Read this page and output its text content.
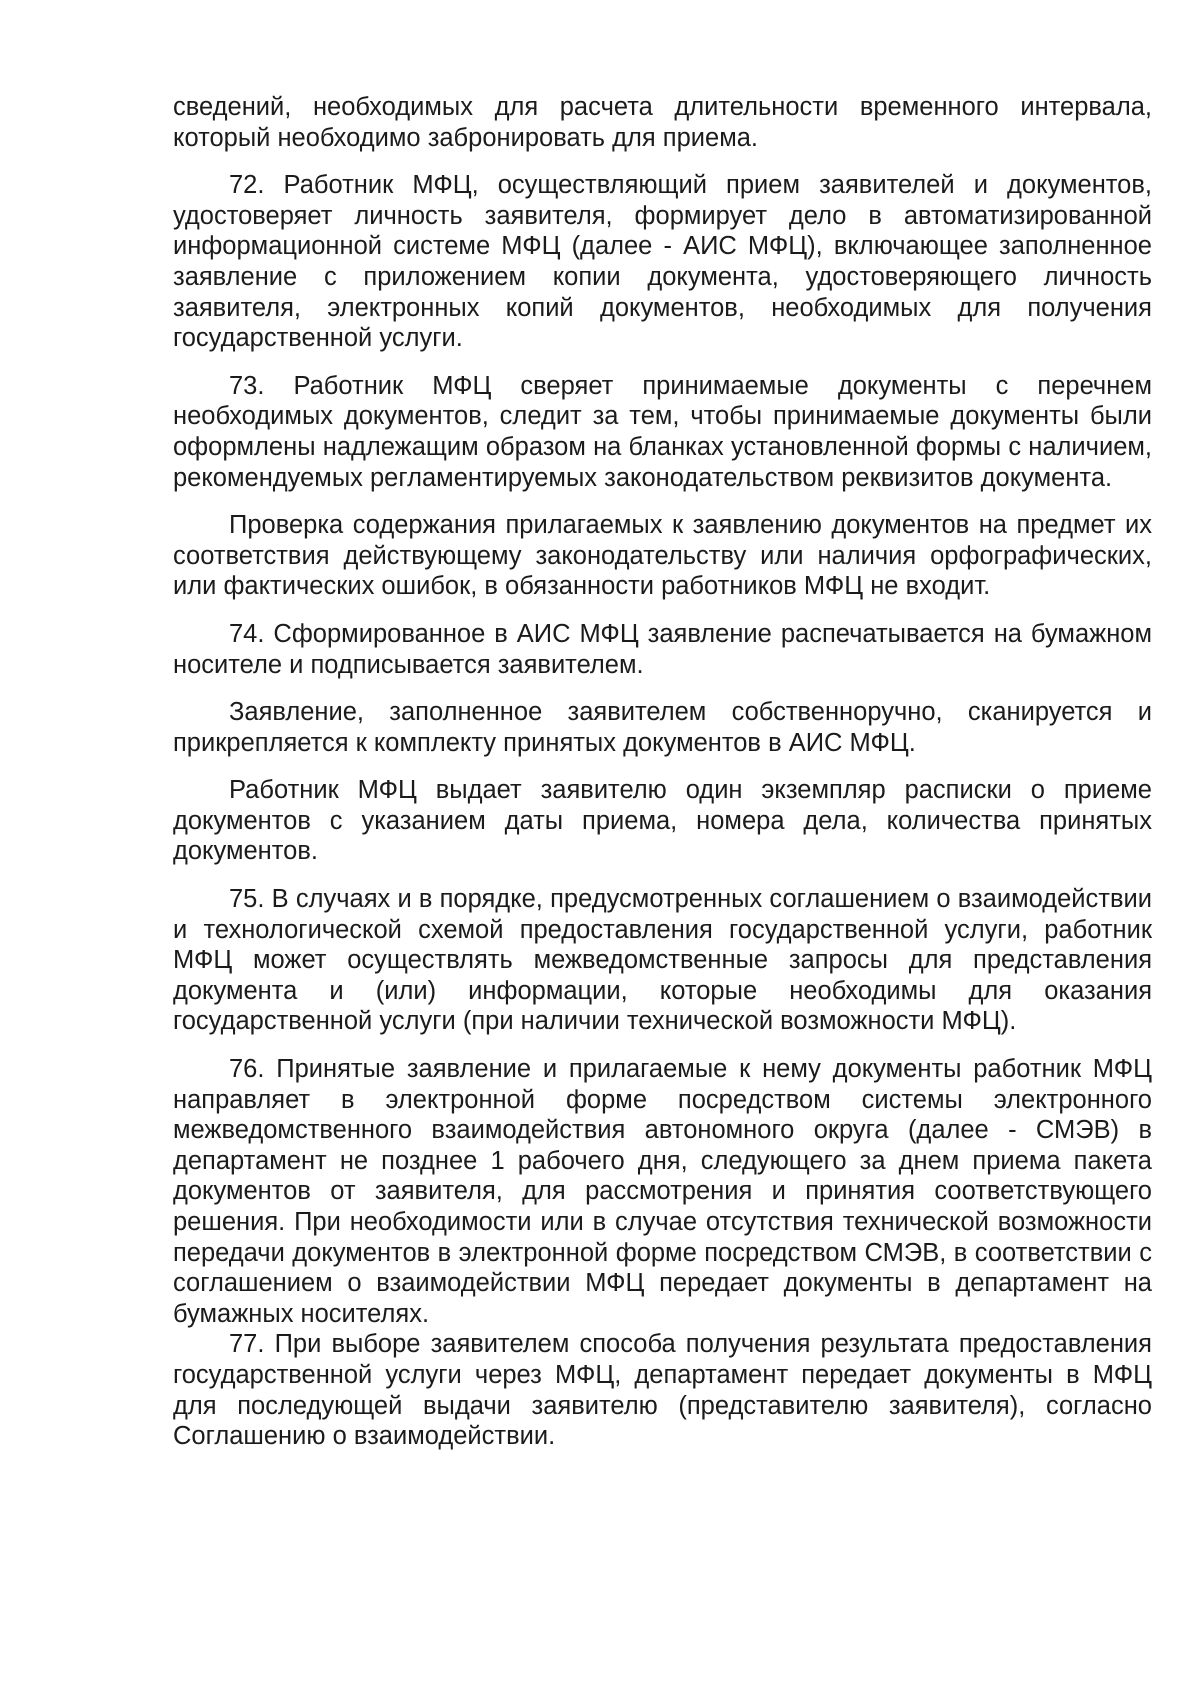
сведений, необходимых для расчета длительности временного интервала, который необходимо забронировать для приема.

72. Работник МФЦ, осуществляющий прием заявителей и документов, удостоверяет личность заявителя, формирует дело в автоматизированной информационной системе МФЦ (далее - АИС МФЦ), включающее заполненное заявление с приложением копии документа, удостоверяющего личность заявителя, электронных копий документов, необходимых для получения государственной услуги.

73. Работник МФЦ сверяет принимаемые документы с перечнем необходимых документов, следит за тем, чтобы принимаемые документы были оформлены надлежащим образом на бланках установленной формы с наличием, рекомендуемых регламентируемых законодательством реквизитов документа.

Проверка содержания прилагаемых к заявлению документов на предмет их соответствия действующему законодательству или наличия орфографических, или фактических ошибок, в обязанности работников МФЦ не входит.

74. Сформированное в АИС МФЦ заявление распечатывается на бумажном носителе и подписывается заявителем.

Заявление, заполненное заявителем собственноручно, сканируется и прикрепляется к комплекту принятых документов в АИС МФЦ.

Работник МФЦ выдает заявителю один экземпляр расписки о приеме документов с указанием даты приема, номера дела, количества принятых документов.

75. В случаях и в порядке, предусмотренных соглашением о взаимодействии и технологической схемой предоставления государственной услуги, работник МФЦ может осуществлять межведомственные запросы для представления документа и (или) информации, которые необходимы для оказания государственной услуги (при наличии технической возможности МФЦ).

76. Принятые заявление и прилагаемые к нему документы работник МФЦ направляет в электронной форме посредством системы электронного межведомственного взаимодействия автономного округа (далее - СМЭВ) в департамент не позднее 1 рабочего дня, следующего за днем приема пакета документов от заявителя, для рассмотрения и принятия соответствующего решения. При необходимости или в случае отсутствия технической возможности передачи документов в электронной форме посредством СМЭВ, в соответствии с соглашением о взаимодействии МФЦ передает документы в департамент на бумажных носителях.

77. При выборе заявителем способа получения результата предоставления государственной услуги через МФЦ, департамент передает документы в МФЦ для последующей выдачи заявителю (представителю заявителя), согласно Соглашению о взаимодействии.
